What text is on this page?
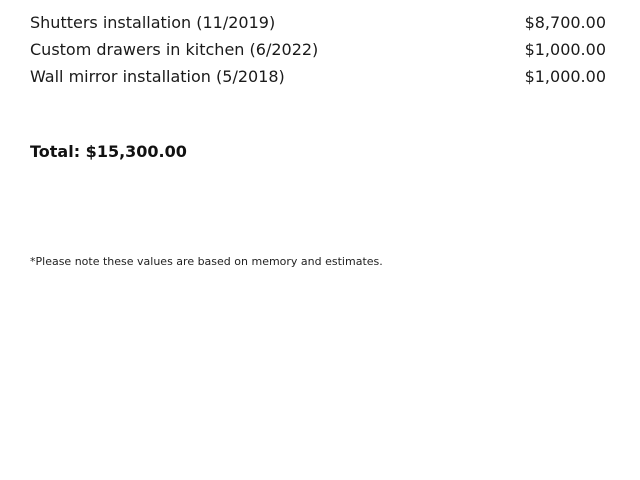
Shutters installation (11/2019)	$8,700.00
Custom drawers in kitchen (6/2022)	$1,000.00
Wall mirror installation (5/2018)	$1,000.00
Total: $15,300.00
*Please note these values are based on memory and estimates.
